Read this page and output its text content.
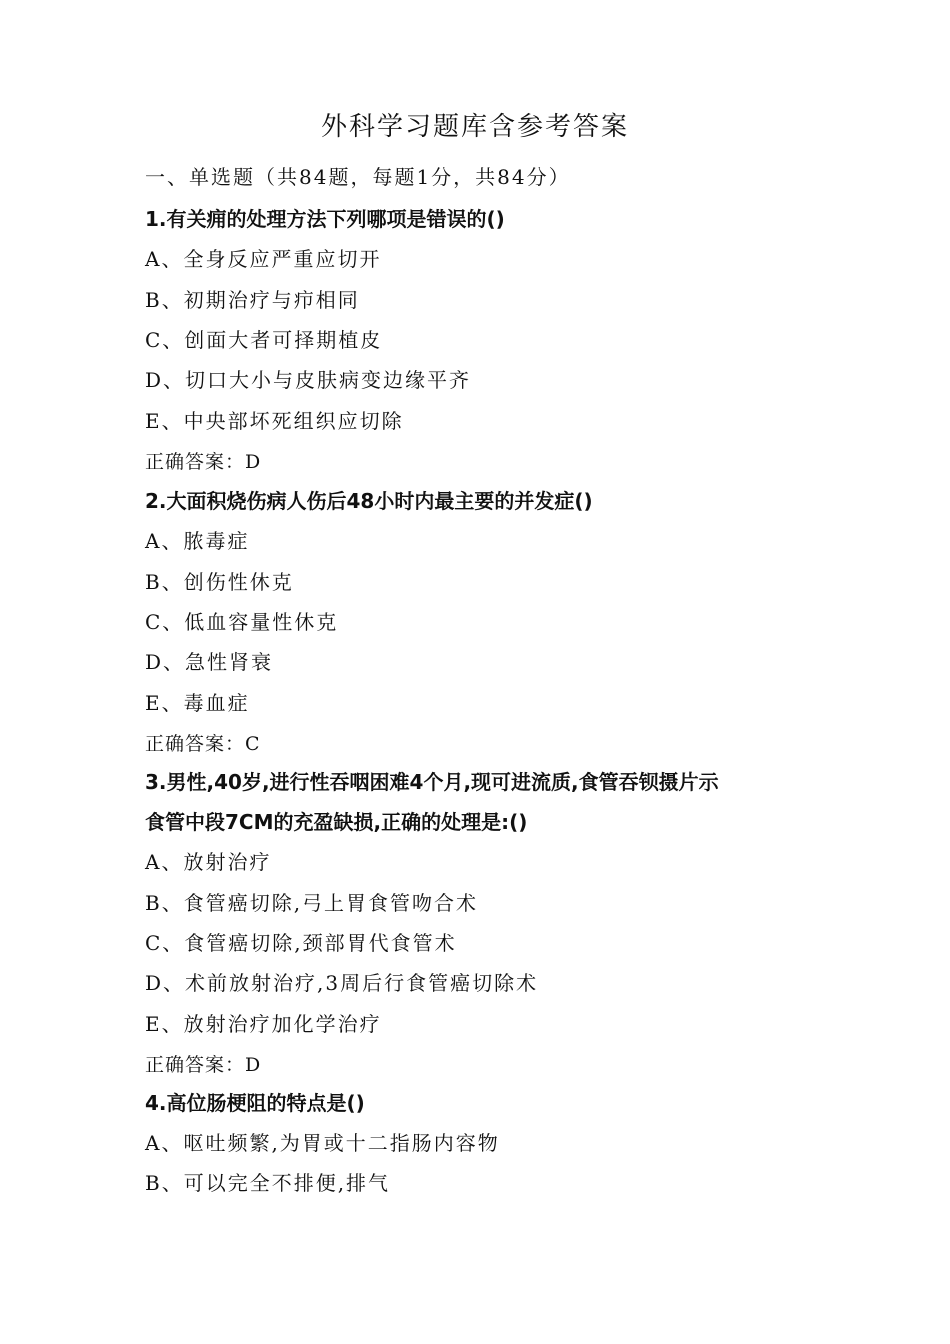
外科学习题库含参考答案
一、单选题（共84题，每题1分，共84分）
1.有关痈的处理方法下列哪项是错误的()
A、全身反应严重应切开
B、初期治疗与疖相同
C、创面大者可择期植皮
D、切口大小与皮肤病变边缘平齐
E、中央部坏死组织应切除
正确答案：D
2.大面积烧伤病人伤后48小时内最主要的并发症()
A、脓毒症
B、创伤性休克
C、低血容量性休克
D、急性肾衰
E、毒血症
正确答案：C
3.男性,40岁,进行性吞咽困难4个月,现可进流质,食管吞钡摄片示
食管中段7CM的充盈缺损,正确的处理是:()
A、放射治疗
B、食管癌切除,弓上胃食管吻合术
C、食管癌切除,颈部胃代食管术
D、术前放射治疗,3周后行食管癌切除术
E、放射治疗加化学治疗
正确答案：D
4.高位肠梗阻的特点是()
A、呕吐频繁,为胃或十二指肠内容物
B、可以完全不排便,排气
